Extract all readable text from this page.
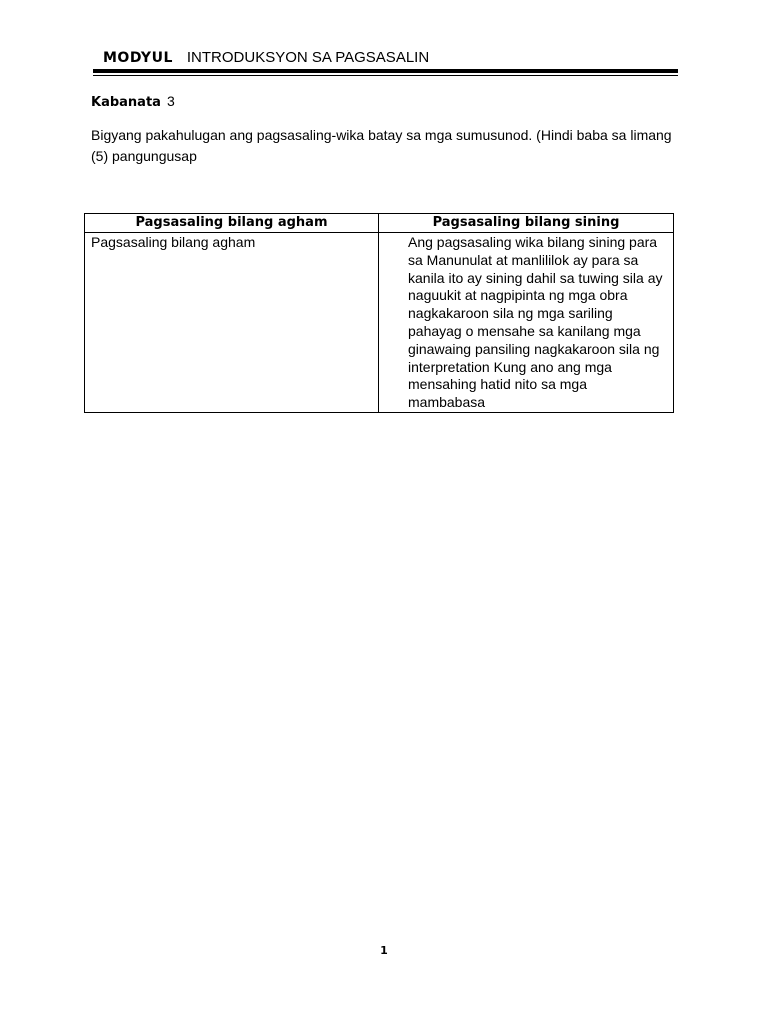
MODYUL INTRODUKSYON SA PAGSASALIN
Kabanata 3
Bigyang pakahulugan ang pagsasaling-wika batay sa mga sumusunod. (Hindi baba sa limang (5) pangungusap
Pagsasaling bilang agham	Pagsasaling bilang sining
Pagsasaling bilang agham	Ang pagsasaling wika bilang sining para sa Manunulat at manlililok ay para sa kanila ito ay sining dahil sa tuwing sila ay naguukit at nagpipinta ng mga obra nagkakaroon sila ng mga sariling pahayag o mensahe sa kanilang mga ginawaing pansiling nagkakaroon sila ng interpretation Kung ano ang mga mensahing hatid nito sa mga mambabasa
1
